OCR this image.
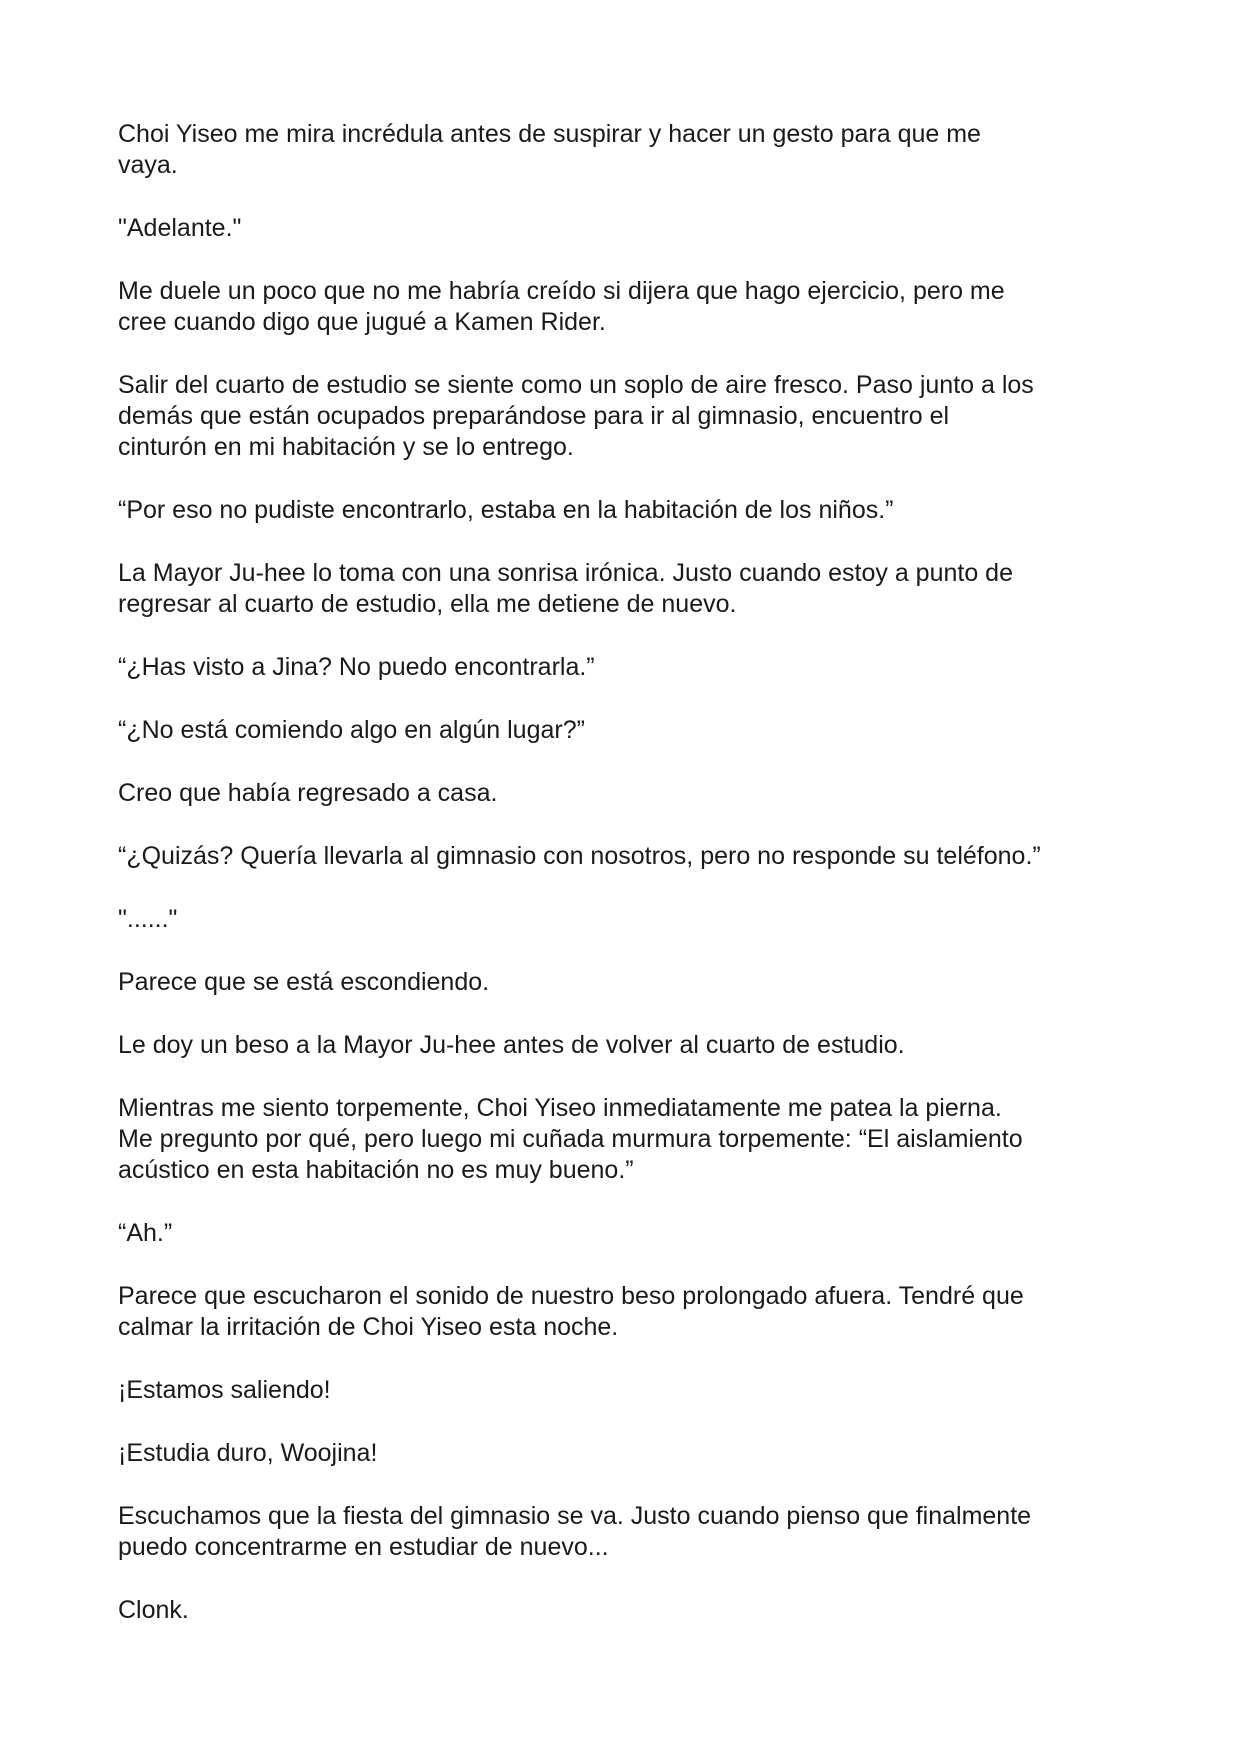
Choi Yiseo me mira incrédula antes de suspirar y hacer un gesto para que me
vaya.

"Adelante."

Me duele un poco que no me habría creído si dijera que hago ejercicio, pero me
cree cuando digo que jugué a Kamen Rider.

Salir del cuarto de estudio se siente como un soplo de aire fresco. Paso junto a los
demás que están ocupados preparándose para ir al gimnasio, encuentro el
cinturón en mi habitación y se lo entrego.

“Por eso no pudiste encontrarlo, estaba en la habitación de los niños.”

La Mayor Ju-hee lo toma con una sonrisa irónica. Justo cuando estoy a punto de
regresar al cuarto de estudio, ella me detiene de nuevo.

“¿Has visto a Jina? No puedo encontrarla.”

“¿No está comiendo algo en algún lugar?”

Creo que había regresado a casa.

“¿Quizás? Quería llevarla al gimnasio con nosotros, pero no responde su teléfono.”

"......"

Parece que se está escondiendo.

Le doy un beso a la Mayor Ju-hee antes de volver al cuarto de estudio.

Mientras me siento torpemente, Choi Yiseo inmediatamente me patea la pierna.
Me pregunto por qué, pero luego mi cuñada murmura torpemente: “El aislamiento
acústico en esta habitación no es muy bueno.”

“Ah.”

Parece que escucharon el sonido de nuestro beso prolongado afuera. Tendré que
calmar la irritación de Choi Yiseo esta noche.

¡Estamos saliendo!

¡Estudia duro, Woojina!

Escuchamos que la fiesta del gimnasio se va. Justo cuando pienso que finalmente
puedo concentrarme en estudiar de nuevo...

Clonk.
